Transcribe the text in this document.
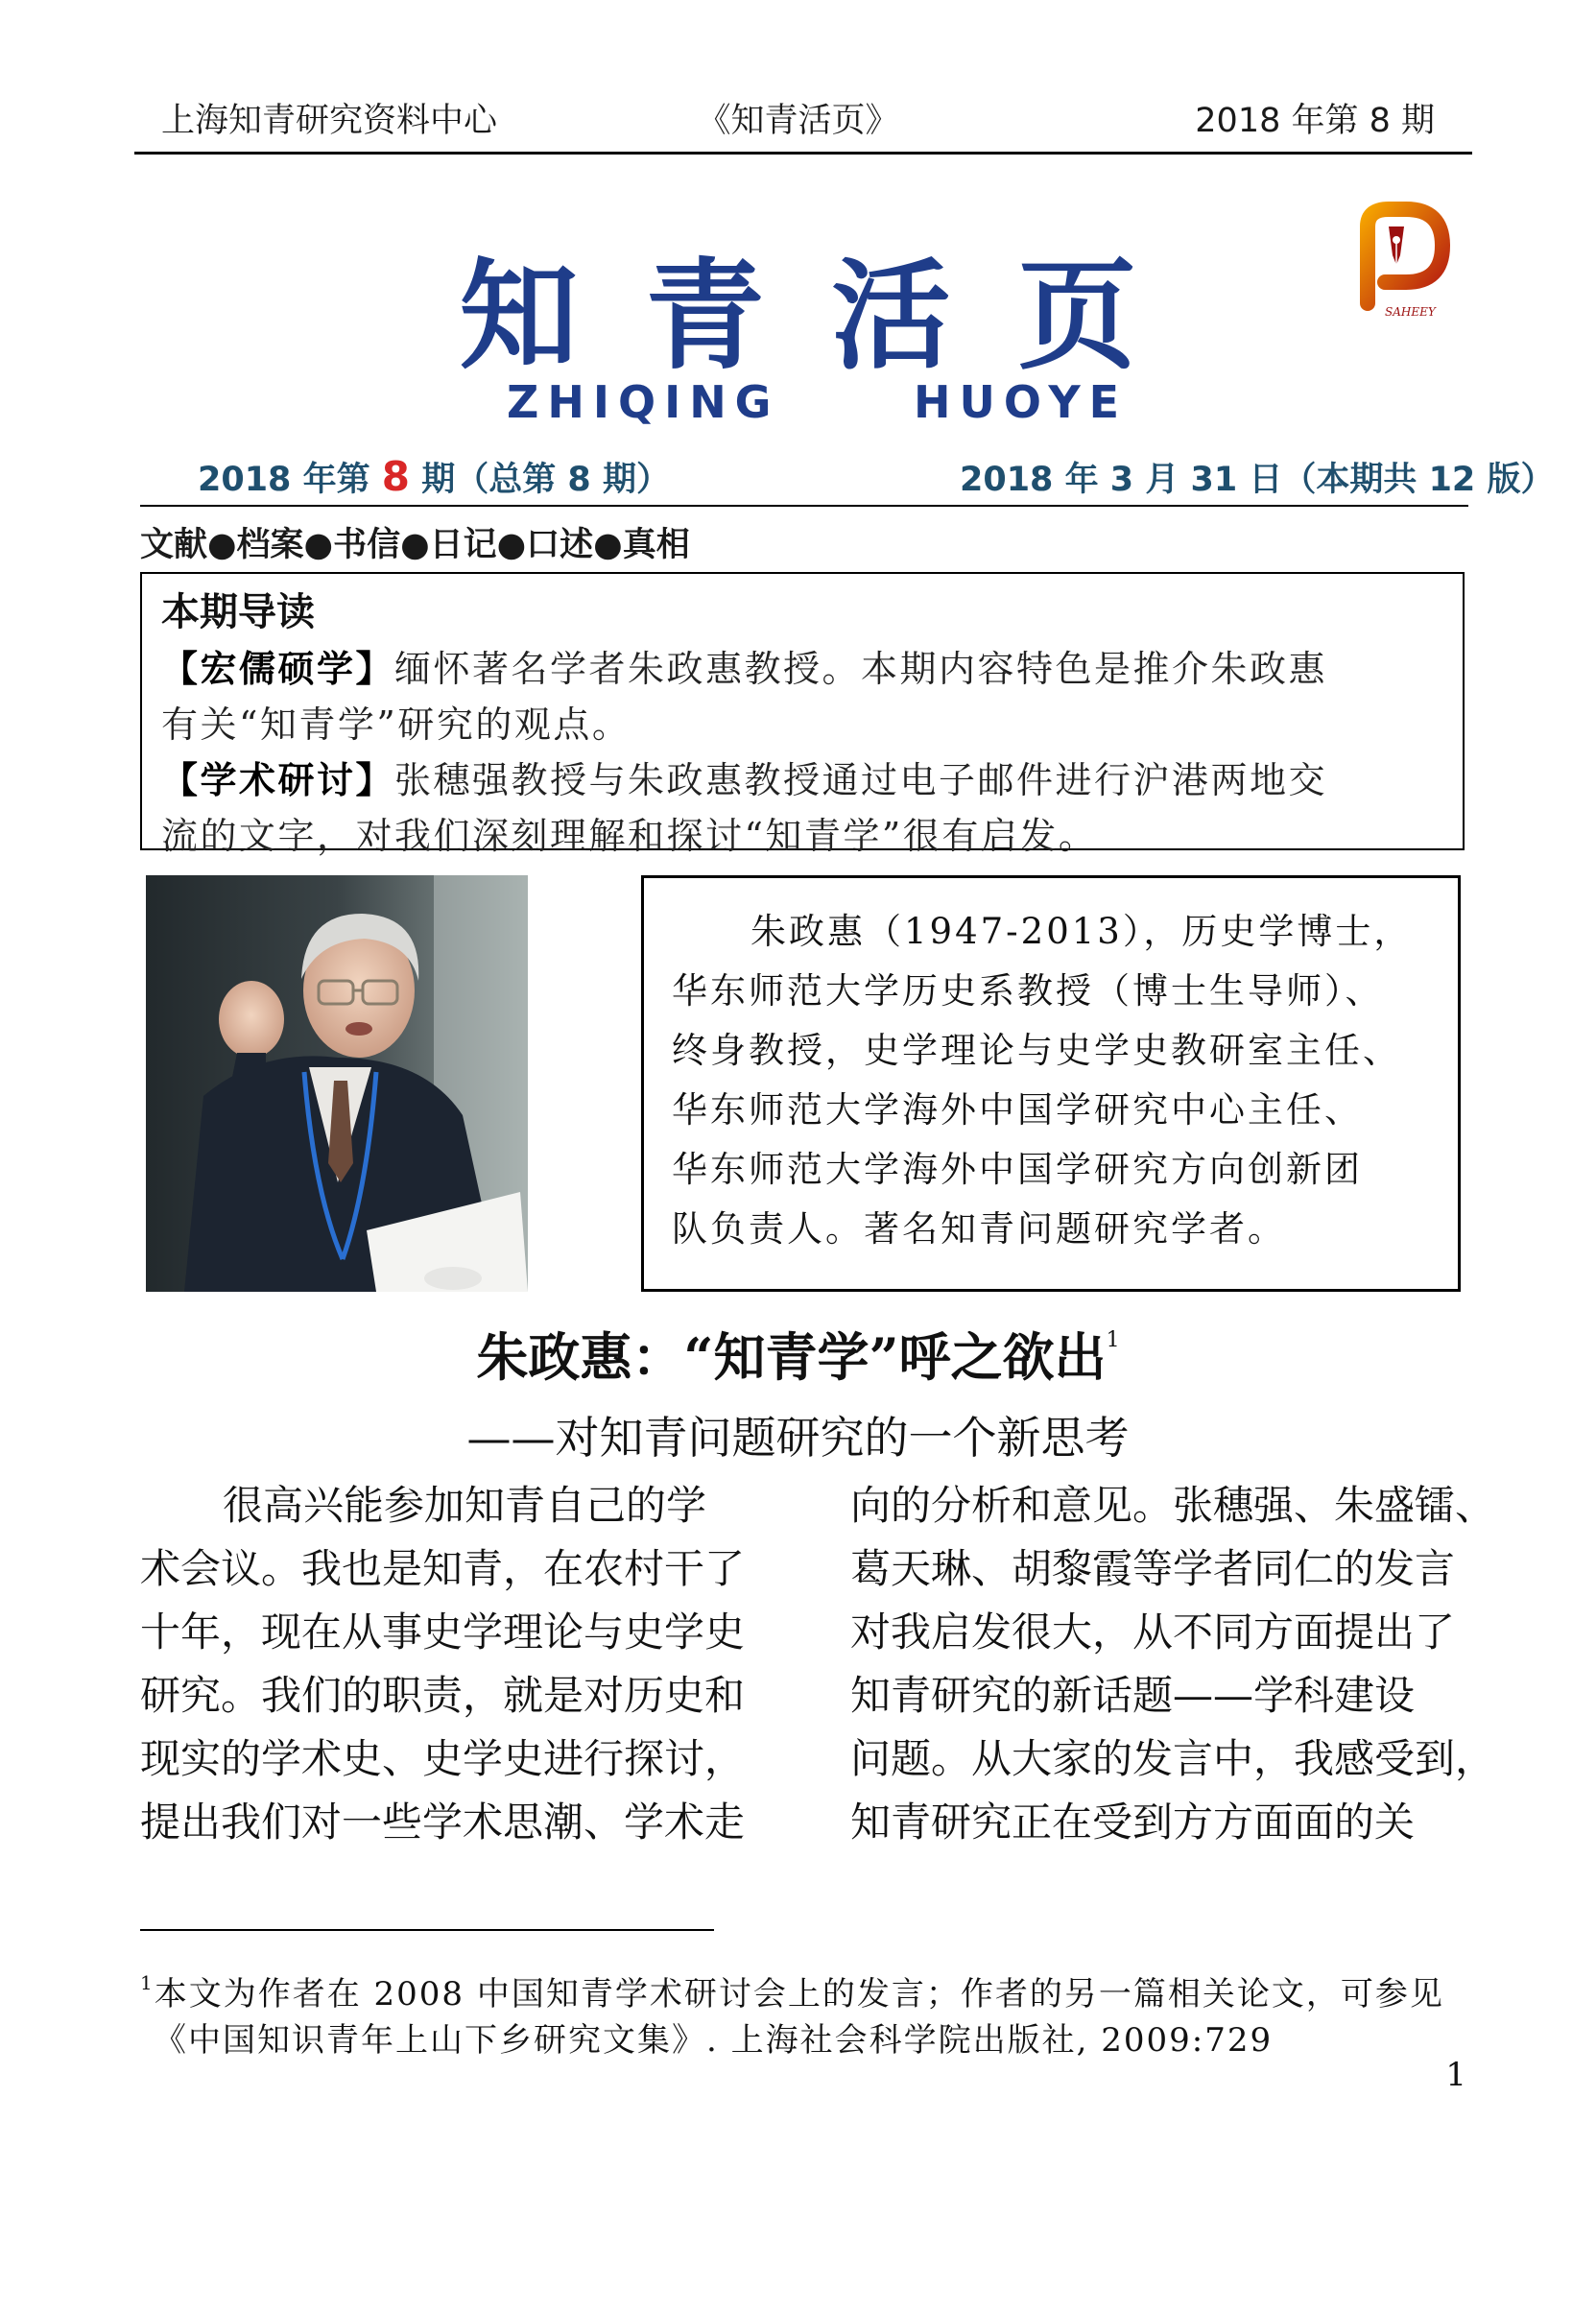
上海知青研究资料中心	《知青活页》	2018 年第 8 期
知青活页	SAHEEY
ZHIQING	HUOYE
2018 年第 8 期（总第 8 期）	2018 年 3 月 31 日（本期共 12 版）
文献●档案●书信●日记●口述●真相
本期导读
【宏儒硕学】缅怀著名学者朱政惠教授。本期内容特色是推介朱政惠
有关“知青学”研究的观点。
【学术研讨】张穗强教授与朱政惠教授通过电子邮件进行沪港两地交
流的文字，对我们深刻理解和探讨“知青学”很有启发。
朱政惠（1947-2013），历史学博士，
华东师范大学历史系教授（博士生导师）、
终身教授，史学理论与史学史教研室主任、
华东师范大学海外中国学研究中心主任、
华东师范大学海外中国学研究方向创新团
队负责人。著名知青问题研究学者。
朱政惠：“知青学”呼之欲出$^1$
——对知青问题研究的一个新思考
很高兴能参加知青自己的学
术会议。我也是知青，在农村干了
十年，现在从事史学理论与史学史
研究。我们的职责，就是对历史和
现实的学术史、史学史进行探讨，
提出我们对一些学术思潮、学术走
向的分析和意见。张穗强、朱盛镭、
葛天琳、胡黎霞等学者同仁的发言
对我启发很大，从不同方面提出了
知青研究的新话题——学科建设
问题。从大家的发言中，我感受到，
知青研究正在受到方方面面的关
$^1$本文为作者在 2008 中国知青学术研讨会上的发言；作者的另一篇相关论文，可参见
《中国知识青年上山下乡研究文集》. 上海社会科学院出版社, 2009:729
1
